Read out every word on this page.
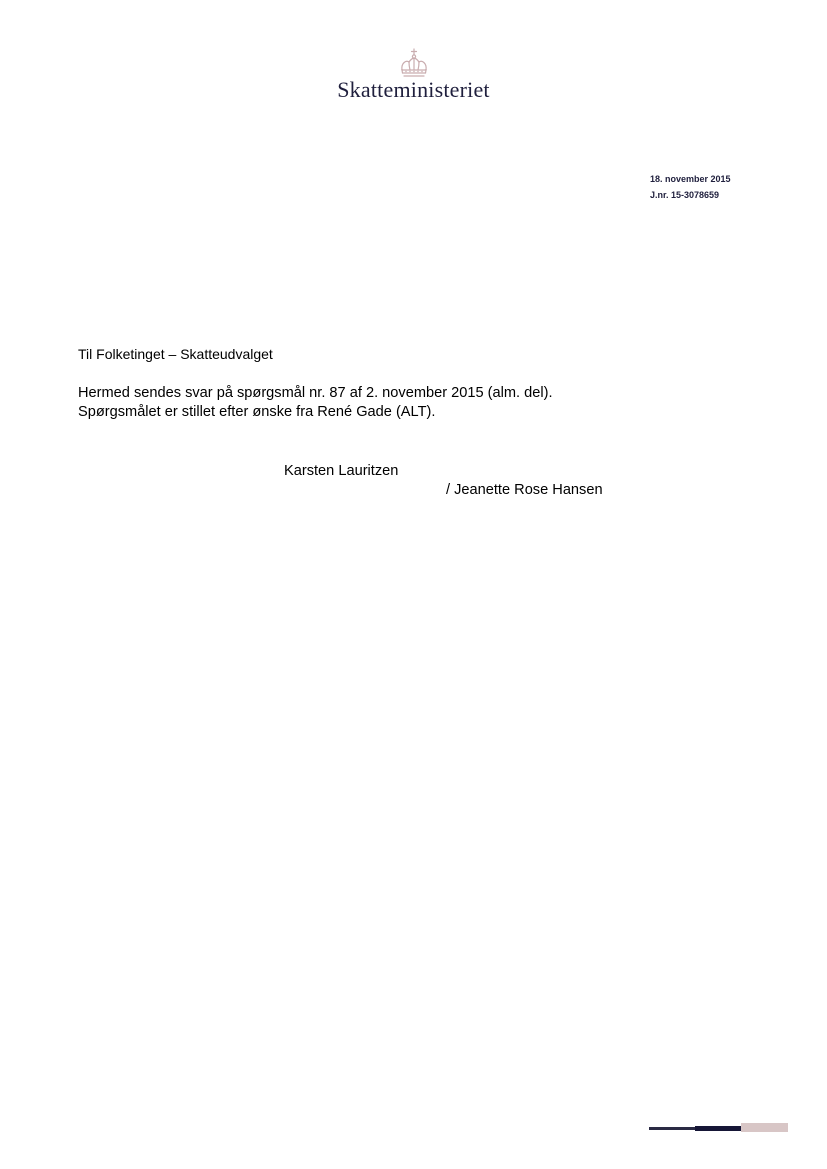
Skatteministeriet
18. november 2015
J.nr. 15-3078659
Til Folketinget – Skatteudvalget
Hermed sendes svar på spørgsmål nr. 87 af 2. november 2015 (alm. del).
Spørgsmålet er stillet efter ønske fra René Gade (ALT).
Karsten Lauritzen
/ Jeanette Rose Hansen
